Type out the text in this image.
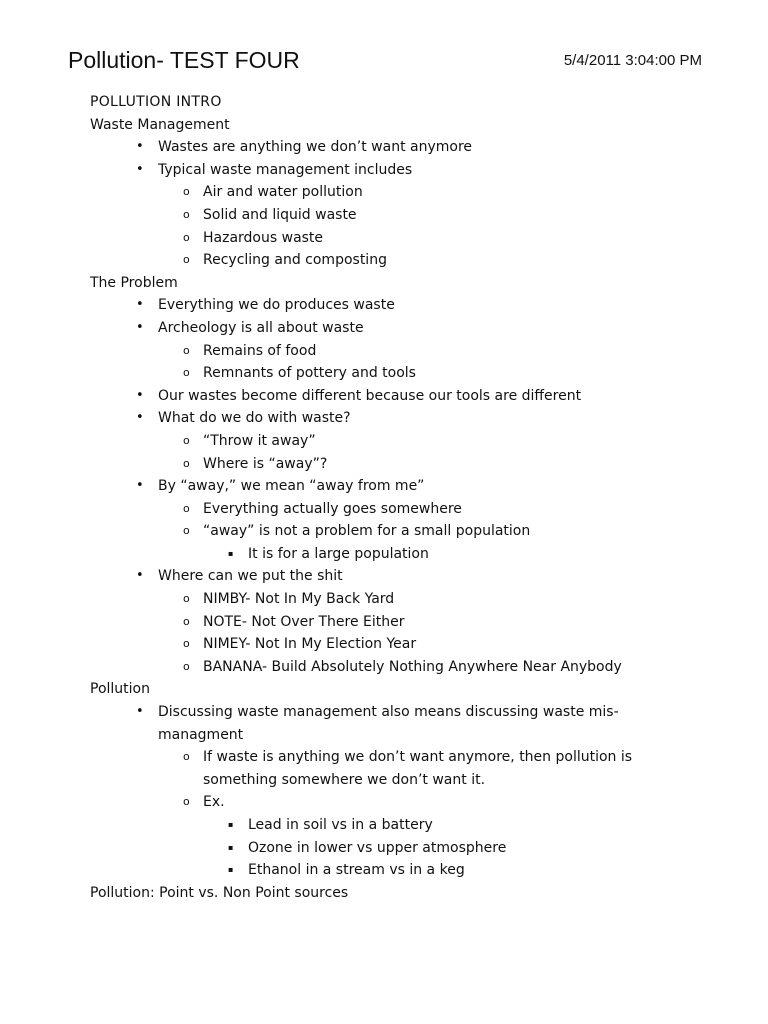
Pollution- TEST FOUR	5/4/2011 3:04:00 PM
POLLUTION INTRO
Waste Management
• Wastes are anything we don’t want anymore
• Typical waste management includes
o Air and water pollution
o Solid and liquid waste
o Hazardous waste
o Recycling and composting
The Problem
• Everything we do produces waste
• Archeology is all about waste
o Remains of food
o Remnants of pottery and tools
• Our wastes become different because our tools are different
• What do we do with waste?
o “Throw it away”
o Where is “away”?
• By “away,” we mean “away from me”
o Everything actually goes somewhere
o “away” is not a problem for a small population
▪ It is for a large population
• Where can we put the shit
o NIMBY- Not In My Back Yard
o NOTE- Not Over There Either
o NIMEY- Not In My Election Year
o BANANA- Build Absolutely Nothing Anywhere Near Anybody
Pollution
• Discussing waste management also means discussing waste mis-managment
o If waste is anything we don’t want anymore, then pollution is something somewhere we don’t want it.
o Ex.
▪ Lead in soil vs in a battery
▪ Ozone in lower vs upper atmosphere
▪ Ethanol in a stream vs in a keg
Pollution: Point vs. Non Point sources
